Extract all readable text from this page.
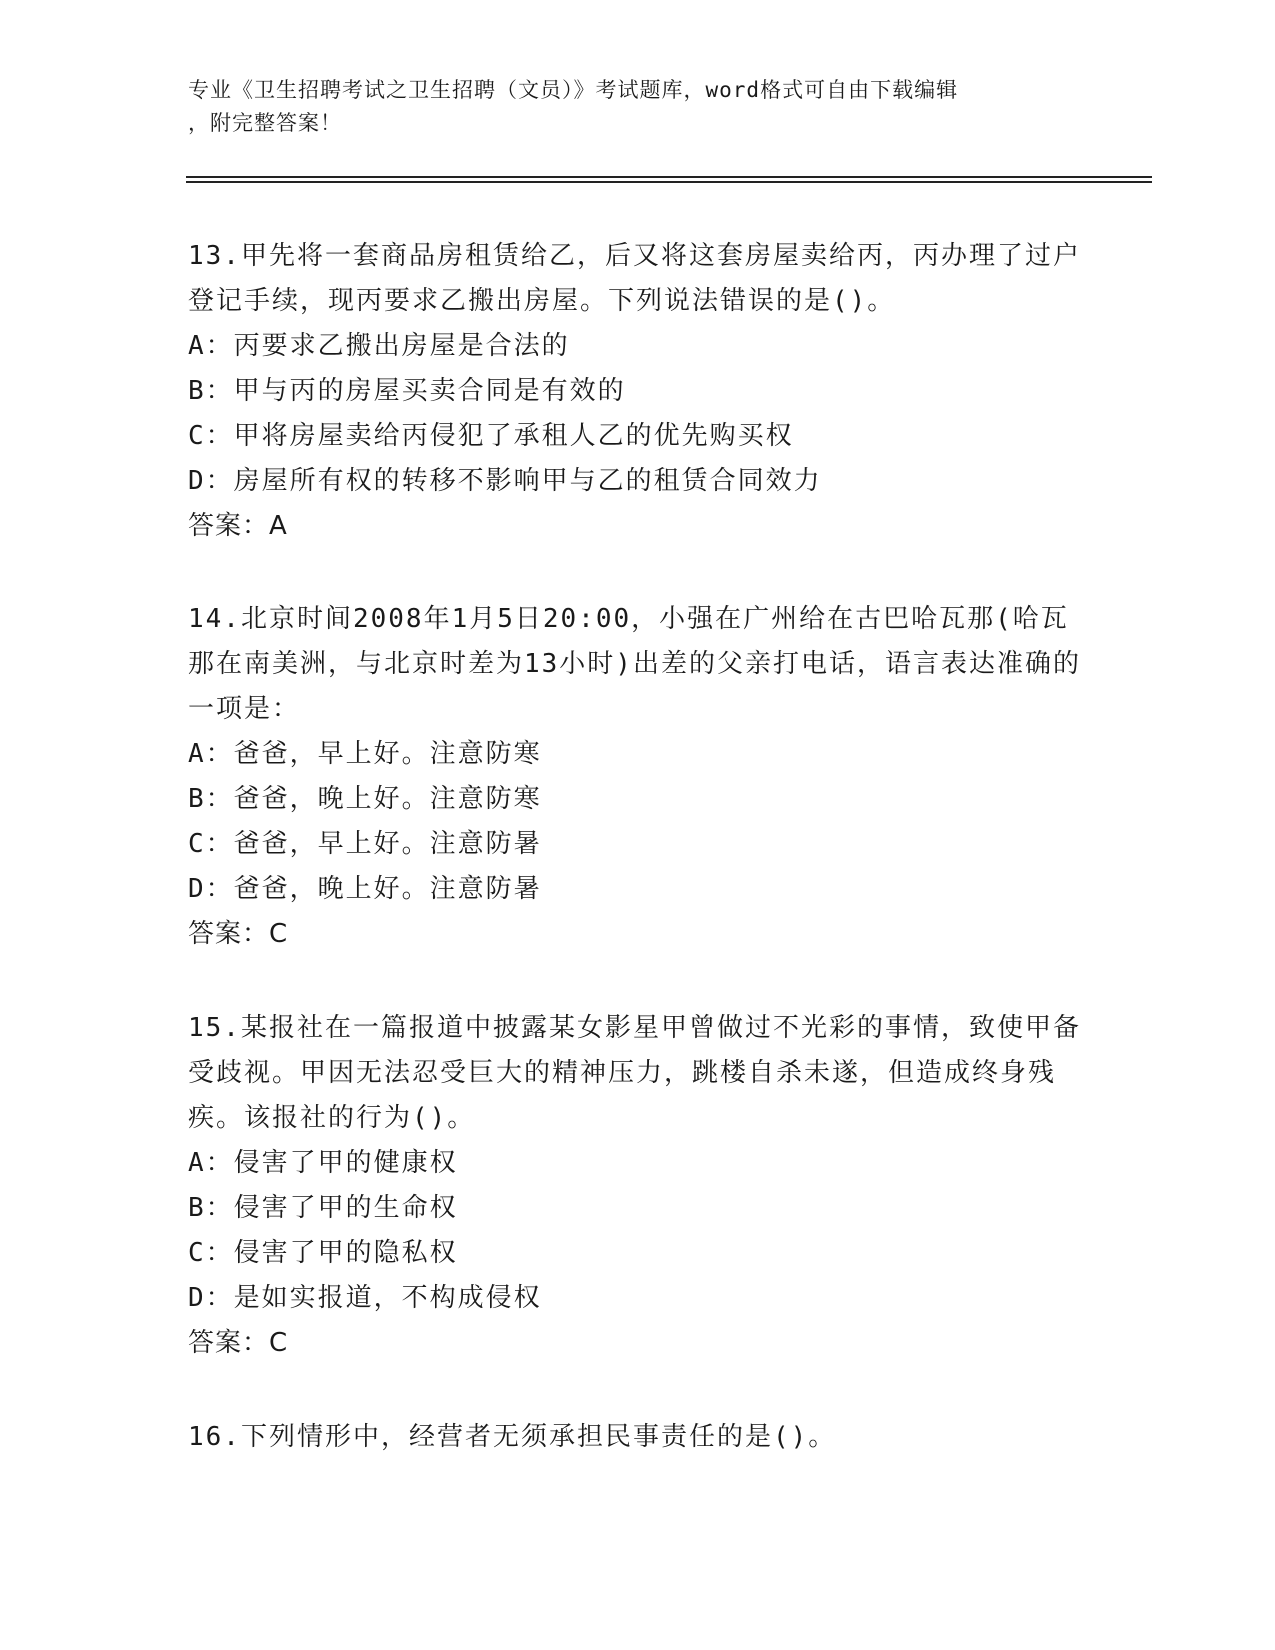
专业《卫生招聘考试之卫生招聘（文员）》考试题库，word格式可自由下载编辑
，附完整答案！
13.甲先将一套商品房租赁给乙，后又将这套房屋卖给丙，丙办理了过户登记手续，现丙要求乙搬出房屋。下列说法错误的是()。
A：丙要求乙搬出房屋是合法的
B：甲与丙的房屋买卖合同是有效的
C：甲将房屋卖给丙侵犯了承租人乙的优先购买权
D：房屋所有权的转移不影响甲与乙的租赁合同效力
答案：A
14.北京时间2008年1月5日20:00，小强在广州给在古巴哈瓦那(哈瓦那在南美洲，与北京时差为13小时)出差的父亲打电话，语言表达准确的一项是：
A：爸爸，早上好。注意防寒
B：爸爸，晚上好。注意防寒
C：爸爸，早上好。注意防暑
D：爸爸，晚上好。注意防暑
答案：C
15.某报社在一篇报道中披露某女影星甲曾做过不光彩的事情，致使甲备受歧视。甲因无法忍受巨大的精神压力，跳楼自杀未遂，但造成终身残疾。该报社的行为()。
A：侵害了甲的健康权
B：侵害了甲的生命权
C：侵害了甲的隐私权
D：是如实报道，不构成侵权
答案：C
16.下列情形中，经营者无须承担民事责任的是()。
